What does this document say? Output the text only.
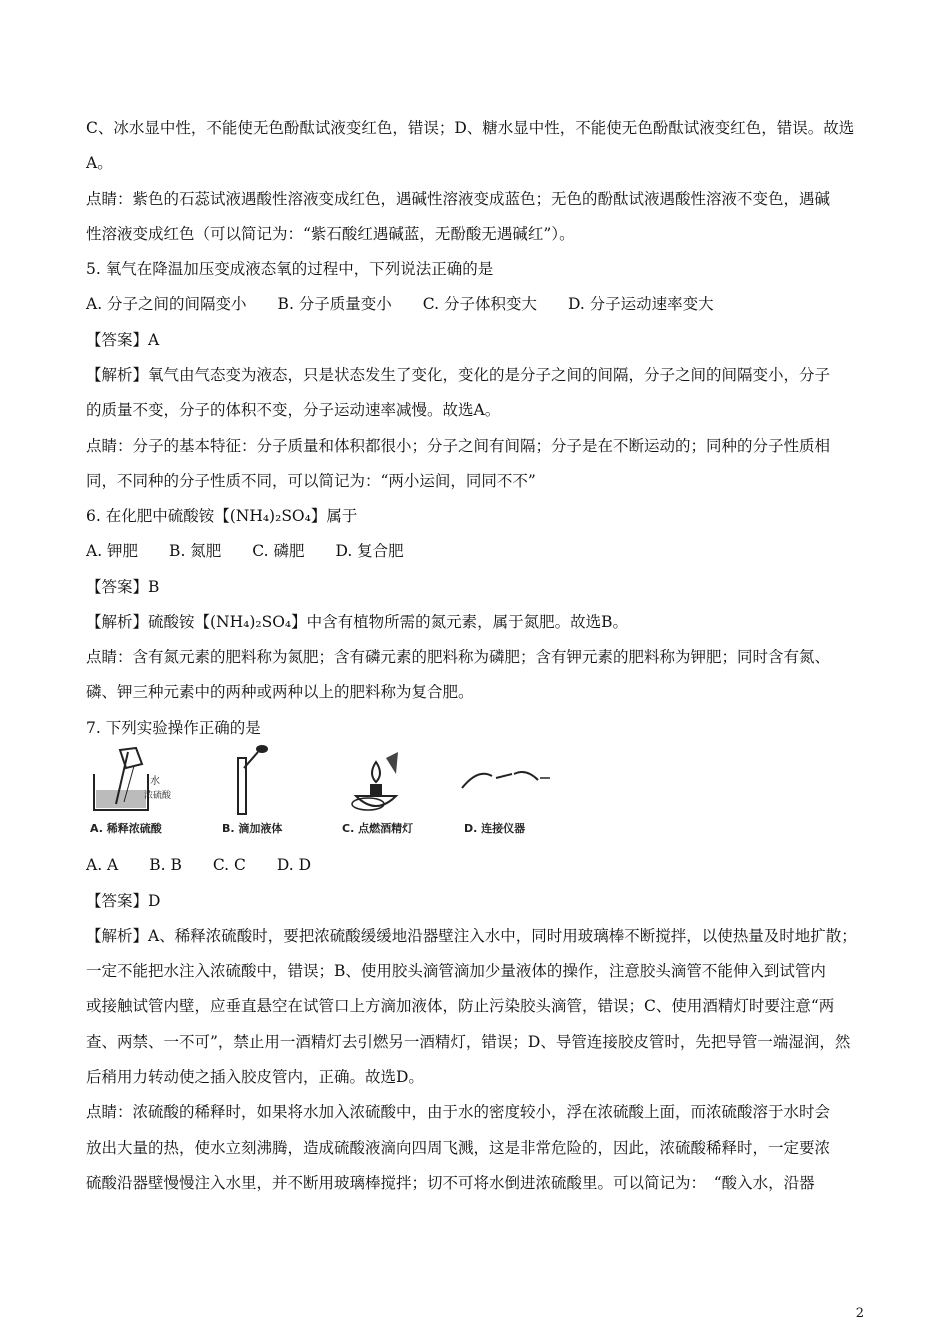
C、冰水显中性，不能使无色酚酞试液变红色，错误；D、糖水显中性，不能使无色酚酞试液变红色，错误。故选
A。
点睛：紫色的石蕊试液遇酸性溶液变成红色，遇碱性溶液变成蓝色；无色的酚酞试液遇酸性溶液不变色，遇碱
性溶液变成红色（可以简记为：“紫石酸红遇碱蓝，无酚酸无遇碱红”）。
5. 氧气在降温加压变成液态氧的过程中，下列说法正确的是
A. 分子之间的间隔变小　　B. 分子质量变小　　C. 分子体积变大　　D. 分子运动速率变大
【答案】A
【解析】氧气由气态变为液态，只是状态发生了变化，变化的是分子之间的间隔，分子之间的间隔变小，分子
的质量不变，分子的体积不变，分子运动速率减慢。故选A。
点睛：分子的基本特征：分子质量和体积都很小；分子之间有间隔；分子是在不断运动的；同种的分子性质相
同，不同种的分子性质不同，可以简记为：“两小运间，同同不不”
6. 在化肥中硫酸铵【(NH₄)₂SO₄】属于
A. 钾肥　　B. 氮肥　　C. 磷肥　　D. 复合肥
【答案】B
【解析】硫酸铵【(NH₄)₂SO₄】中含有植物所需的氮元素，属于氮肥。故选B。
点睛：含有氮元素的肥料称为氮肥；含有磷元素的肥料称为磷肥；含有钾元素的肥料称为钾肥；同时含有氮、
磷、钾三种元素中的两种或两种以上的肥料称为复合肥。
7. 下列实验操作正确的是
水
浓硫酸
A. 稀释浓硫酸	B. 滴加液体	C. 点燃酒精灯	D. 连接仪器
A. A　　B. B　　C. C　　D. D
【答案】D
【解析】A、稀释浓硫酸时，要把浓硫酸缓缓地沿器壁注入水中，同时用玻璃棒不断搅拌，以使热量及时地扩散；
一定不能把水注入浓硫酸中，错误；B、使用胶头滴管滴加少量液体的操作，注意胶头滴管不能伸入到试管内
或接触试管内壁，应垂直悬空在试管口上方滴加液体，防止污染胶头滴管，错误；C、使用酒精灯时要注意“两
查、两禁、一不可”，禁止用一酒精灯去引燃另一酒精灯，错误；D、导管连接胶皮管时，先把导管一端湿润，然
后稍用力转动使之插入胶皮管内，正确。故选D。
点睛：浓硫酸的稀释时，如果将水加入浓硫酸中，由于水的密度较小，浮在浓硫酸上面，而浓硫酸溶于水时会
放出大量的热，使水立刻沸腾，造成硫酸液滴向四周飞溅，这是非常危险的，因此，浓硫酸稀释时，一定要浓
硫酸沿器壁慢慢注入水里，并不断用玻璃棒搅拌；切不可将水倒进浓硫酸里。可以简记为：　“酸入水，沿器
2
